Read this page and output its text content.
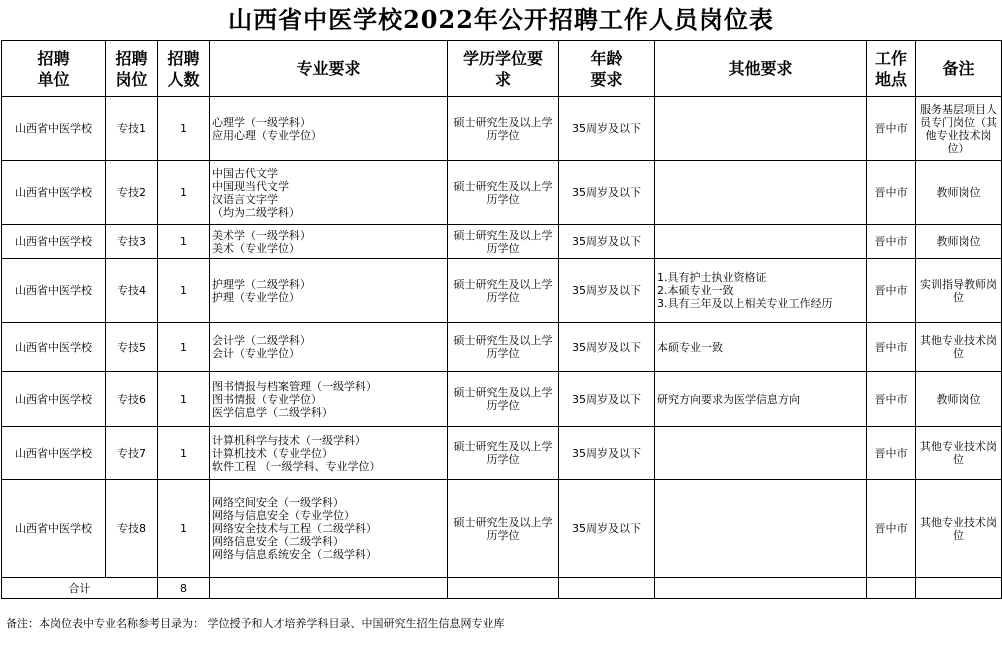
山西省中医学校2022年公开招聘工作人员岗位表
招聘
单位	招聘
岗位	招聘
人数	专业要求	学历学位要
求	年龄
要求	其他要求	工作
地点	备注
山西省中医学校	专技1	1	心理学（一级学科）
应用心理（专业学位）	硕士研究生及以上学历学位	35周岁及以下		晋中市	服务基层项目人员专门岗位（其他专业技术岗位）
山西省中医学校	专技2	1	中国古代文学
中国现当代文学
汉语言文字学
（均为二级学科）	硕士研究生及以上学历学位	35周岁及以下		晋中市	教师岗位
山西省中医学校	专技3	1	美术学（一级学科）
美术（专业学位）	硕士研究生及以上学历学位	35周岁及以下		晋中市	教师岗位
山西省中医学校	专技4	1	护理学（二级学科）
护理（专业学位）	硕士研究生及以上学历学位	35周岁及以下	1.具有护士执业资格证
2.本硕专业一致
3.具有三年及以上相关专业工作经历	晋中市	实训指导教师岗位
山西省中医学校	专技5	1	会计学（二级学科）
会计（专业学位）	硕士研究生及以上学历学位	35周岁及以下	本硕专业一致	晋中市	其他专业技术岗位
山西省中医学校	专技6	1	图书情报与档案管理（一级学科）
图书情报（专业学位）
医学信息学（二级学科）	硕士研究生及以上学历学位	35周岁及以下	研究方向要求为医学信息方向	晋中市	教师岗位
山西省中医学校	专技7	1	计算机科学与技术（一级学科）
计算机技术（专业学位）
软件工程 （一级学科、专业学位）	硕士研究生及以上学历学位	35周岁及以下		晋中市	其他专业技术岗位
山西省中医学校	专技8	1	网络空间安全（一级学科）
网络与信息安全（专业学位）
网络安全技术与工程（二级学科）
网络信息安全（二级学科）
网络与信息系统安全（二级学科）	硕士研究生及以上学历学位	35周岁及以下		晋中市	其他专业技术岗位
合计		8						
备注：本岗位表中专业名称参考目录为： 学位授予和人才培养学科目录、中国研究生招生信息网专业库
